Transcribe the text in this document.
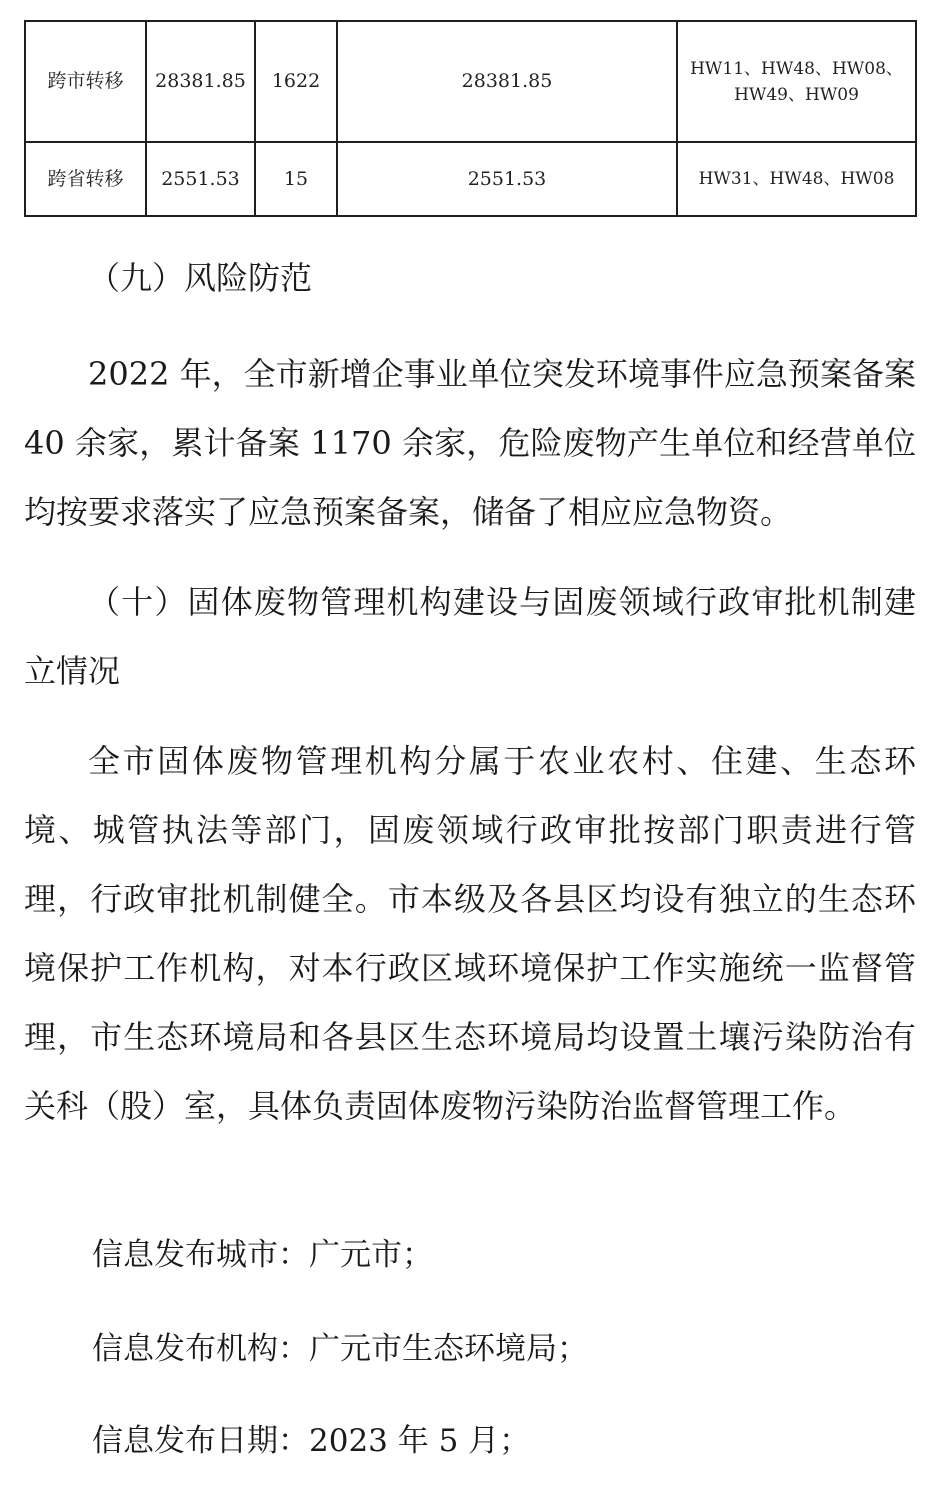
跨市转移	28381.85	1622	28381.85	HW11、HW48、HW08、
HW49、HW09

跨省转移	2551.53	15	2551.53	HW31、HW48、HW08

（九）风险防范

2022 年，全市新增企事业单位突发环境事件应急预案备案 40 余家，累计备案 1170 余家，危险废物产生单位和经营单位均按要求落实了应急预案备案，储备了相应应急物资。

（十）固体废物管理机构建设与固废领域行政审批机制建立情况

全市固体废物管理机构分属于农业农村、住建、生态环境、城管执法等部门，固废领域行政审批按部门职责进行管理，行政审批机制健全。市本级及各县区均设有独立的生态环境保护工作机构，对本行政区域环境保护工作实施统一监督管理，市生态环境局和各县区生态环境局均设置土壤污染防治有关科（股）室，具体负责固体废物污染防治监督管理工作。

信息发布城市：广元市；

信息发布机构：广元市生态环境局；

信息发布日期：2023 年 5 月；
